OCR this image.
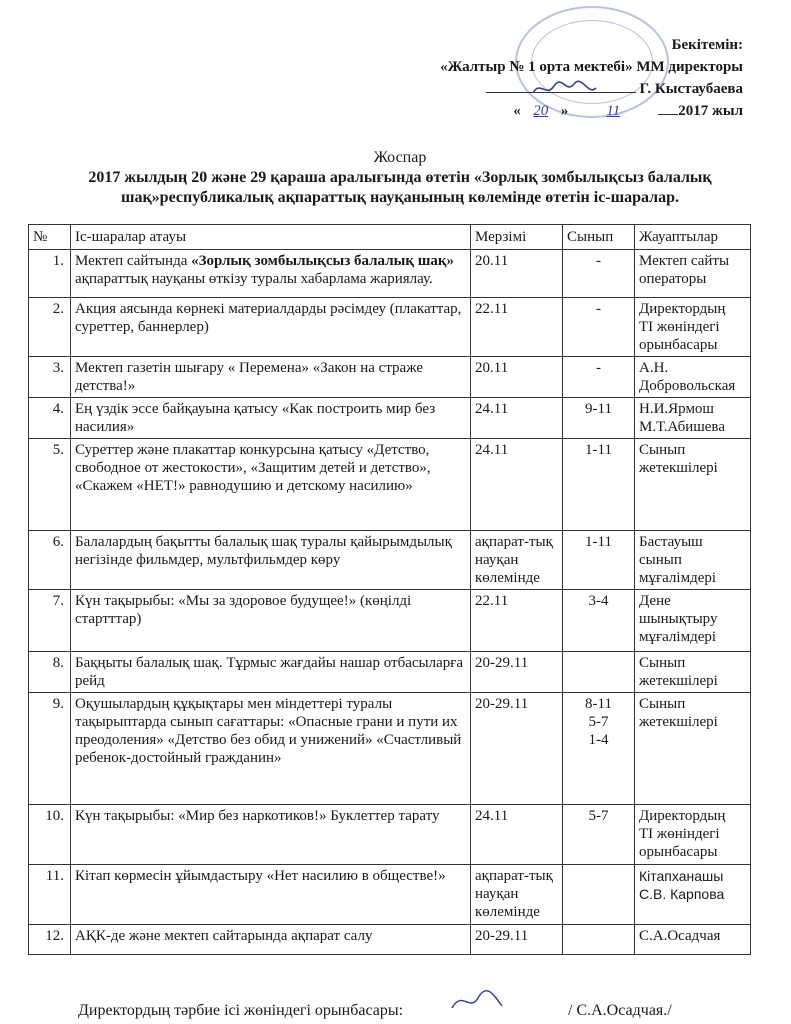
Бекітемін:
«Жалтыр № 1 орта мектебі» ММ директоры
Г. Кыстаубаева
« 20 »	11	2017 жыл
Жоспар
2017 жылдың 20 және 29 қараша аралығында өтетін «Зорлық зомбылықсыз балалық шақ»республикалық ақпараттық науқанының көлемінде өтетін іс-шаралар.
№	Іс-шаралар атауы	Мерзімі	Сынып	Жауаптылар
1.	Мектеп сайтында «Зорлық зомбылықсыз балалық шақ» ақпараттық науқаны өткізу туралы хабарлама жариялау.	20.11	-	Мектеп сайты
операторы

2.	Акция аясында көрнекі материалдарды рәсімдеу (плакаттар, суреттер, баннерлер)	22.11	-	Директордың
ТІ жөніндегі
орынбасары

3.	Мектеп газетін шығару « Перемена» «Закон на страже детства!»	20.11	-	А.Н.
Добровольская

4.	Ең үздік эссе байқауына қатысу «Как построить мир без насилия»	24.11	9-11	Н.И.Ярмош
М.Т.Абишева

5.	Суреттер және плакаттар конкурсына қатысу «Детство, свободное от жестокости», «Защитим детей и детство», «Скажем «НЕТ!» равнодушию и детскому насилию»	24.11	1-11	Сынып
жетекшілері

6.	Балалардың бақытты балалық шақ туралы қайырымдылық негізінде фильмдер, мультфильмдер көру	ақпарат-тық науқан көлемінде	1-11	Бастауыш
сынып
мұғалімдері

7.	Күн тақырыбы: «Мы за здоровое будущее!» (көңілді стартттар)	22.11	3-4	Дене
шынықтыру
мұғалімдері

8.	Бақңыты балалық шақ. Тұрмыс жағдайы нашар отбасыларға рейд	20-29.11		Сынып
жетекшілері

9.	Оқушылардың құқықтары мен міндеттері туралы тақырыптарда сынып сағаттары: «Опасные грани и пути их преодоления» «Детство без обид и унижений» «Счастливый ребенок-достойный гражданин»	20-29.11	8-11
5-7
1-4	Сынып
жетекшілері

10.	Күн тақырыбы: «Мир без наркотиков!» Буклеттер тарату	24.11	5-7	Директордың
ТІ жөніндегі
орынбасары

11.	Кітап көрмесін ұйымдастыру «Нет насилию в обществе!»	ақпарат-тық науқан көлемінде		Кітапханашы
С.В. Карпова

12.	АҚК-де және мектеп сайтарында ақпарат салу	20-29.11		С.А.Осадчая
Директордың тәрбие ісі жөніндегі орынбасары:	/ С.А.Осадчая./
